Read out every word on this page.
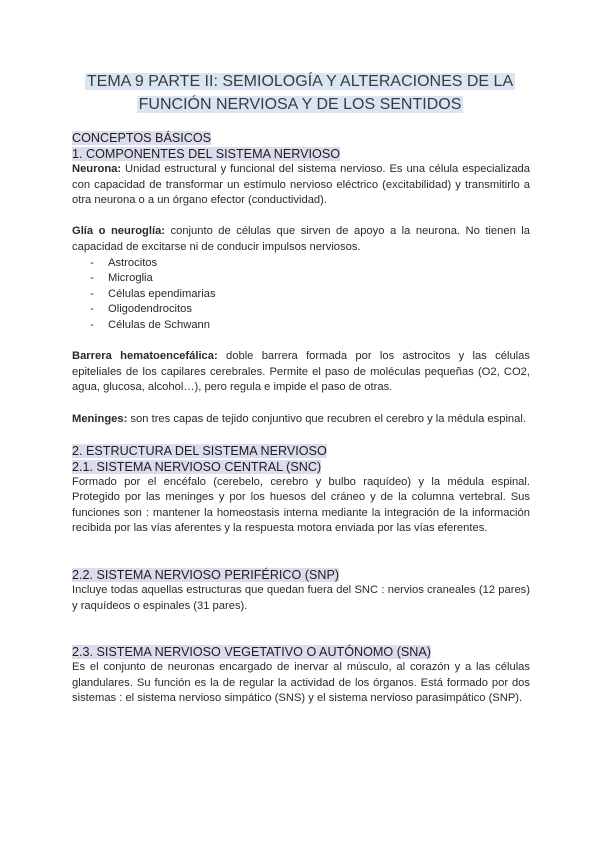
TEMA 9 PARTE II: SEMIOLOGÍA Y ALTERACIONES DE LA
FUNCIÓN NERVIOSA Y DE LOS SENTIDOS
CONCEPTOS BÁSICOS
1. COMPONENTES DEL SISTEMA NERVIOSO

Neurona: Unidad estructural y funcional del sistema nervioso. Es una célula especializada con capacidad de transformar un estímulo nervioso eléctrico (excitabilidad) y transmitirlo a otra neurona o a un órgano efector (conductividad).

Glía o neuroglía: conjunto de células que sirven de apoyo a la neurona. No tienen la capacidad de excitarse ni de conducir impulsos nerviosos.

- Astrocitos
- Microglia
- Células ependimarias
- Oligodendrocitos
- Células de Schwann

Barrera hematoencefálica: doble barrera formada por los astrocitos y las células epiteliales de los capilares cerebrales. Permite el paso de moléculas pequeñas (O2, CO2, agua, glucosa, alcohol…), pero regula e impide el paso de otras.

Meninges: son tres capas de tejido conjuntivo que recubren el cerebro y la médula espinal.

2. ESTRUCTURA DEL SISTEMA NERVIOSO
2.1. SISTEMA NERVIOSO CENTRAL (SNC)

Formado por el encéfalo (cerebelo, cerebro y bulbo raquídeo) y la médula espinal. Protegido por las meninges y por los huesos del cráneo y de la columna vertebral. Sus funciones son : mantener la homeostasis interna mediante la integración de la información recibida por las vías aferentes y la respuesta motora enviada por las vías eferentes.

2.2. SISTEMA NERVIOSO PERIFÉRICO (SNP)

Incluye todas aquellas estructuras que quedan fuera del SNC : nervios craneales (12 pares) y raquídeos o espinales (31 pares).

2.3. SISTEMA NERVIOSO VEGETATIVO O AUTÓNOMO (SNA)

Es el conjunto de neuronas encargado de inervar al músculo, al corazón y a las células glandulares. Su función es la de regular la actividad de los órganos. Está formado por dos sistemas : el sistema nervioso simpático (SNS) y el sistema nervioso parasimpático (SNP).
